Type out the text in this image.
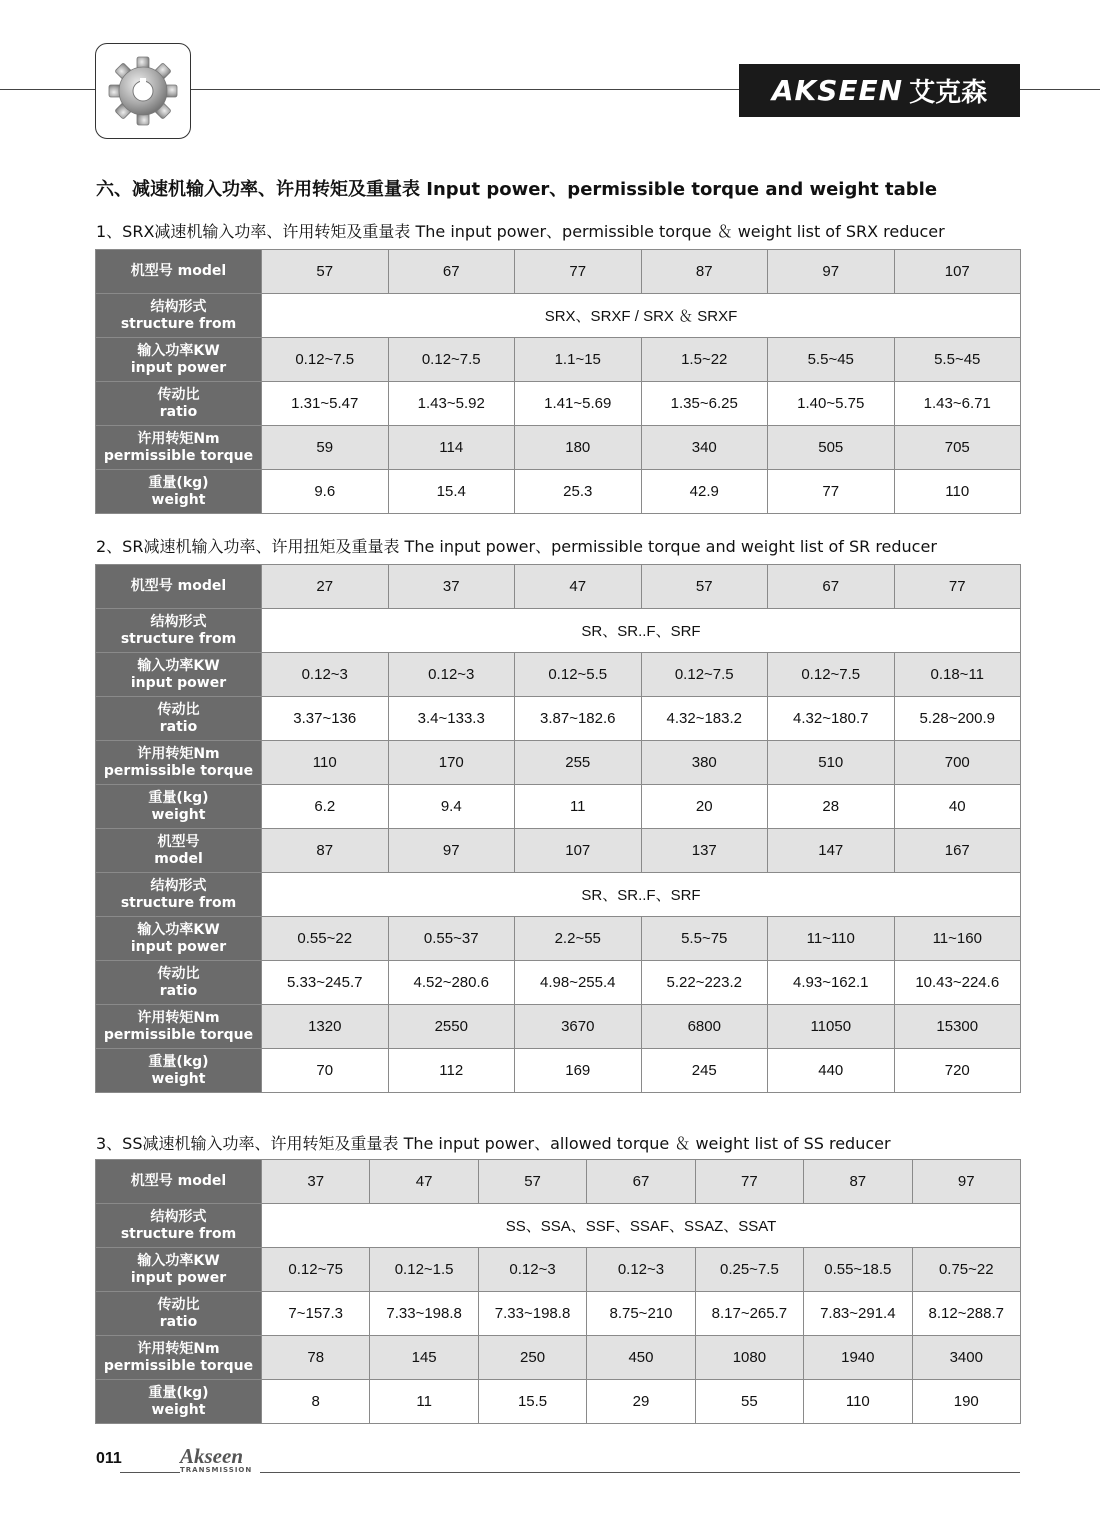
AKSEEN 艾克森
六、减速机输入功率、许用转矩及重量表 Input power、permissible torque and weight table
1、SRX减速机输入功率、许用转矩及重量表 The input power、permissible torque ＆ weight list of SRX reducer
机型号 model	57	67	77	87	97	107
结构形式
structure from	SRX、SRXF / SRX ＆ SRXF					
输入功率KW
input power	0.12~7.5	0.12~7.5	1.1~15	1.5~22	5.5~45	5.5~45
传动比
ratio	1.31~5.47	1.43~5.92	1.41~5.69	1.35~6.25	1.40~5.75	1.43~6.71
许用转矩Nm
permissible torque	59	114	180	340	505	705
重量(kg)
weight	9.6	15.4	25.3	42.9	77	110
2、SR减速机输入功率、许用扭矩及重量表 The input power、permissible torque and weight list of SR reducer
机型号 model	27	37	47	57	67	77
结构形式
structure from	SR、SR..F、SRF					
输入功率KW
input power	0.12~3	0.12~3	0.12~5.5	0.12~7.5	0.12~7.5	0.18~11
传动比
ratio	3.37~136	3.4~133.3	3.87~182.6	4.32~183.2	4.32~180.7	5.28~200.9
许用转矩Nm
permissible torque	110	170	255	380	510	700
重量(kg)
weight	6.2	9.4	11	20	28	40
机型号
model	87	97	107	137	147	167
结构形式
structure from	SR、SR..F、SRF					
输入功率KW
input power	0.55~22	0.55~37	2.2~55	5.5~75	11~110	11~160
传动比
ratio	5.33~245.7	4.52~280.6	4.98~255.4	5.22~223.2	4.93~162.1	10.43~224.6
许用转矩Nm
permissible torque	1320	2550	3670	6800	11050	15300
重量(kg)
weight	70	112	169	245	440	720
3、SS减速机输入功率、许用转矩及重量表 The input power、allowed torque ＆ weight list of SS reducer
机型号 model	37	47	57	67	77	87	97
结构形式
structure from	SS、SSA、SSF、SSAF、SSAZ、SSAT						
输入功率KW
input power	0.12~75	0.12~1.5	0.12~3	0.12~3	0.25~7.5	0.55~18.5	0.75~22
传动比
ratio	7~157.3	7.33~198.8	7.33~198.8	8.75~210	8.17~265.7	7.83~291.4	8.12~288.7
许用转矩Nm
permissible torque	78	145	250	450	1080	1940	3400
重量(kg)
weight	8	11	15.5	29	55	110	190
011	Akseen
TRANSMISSION
